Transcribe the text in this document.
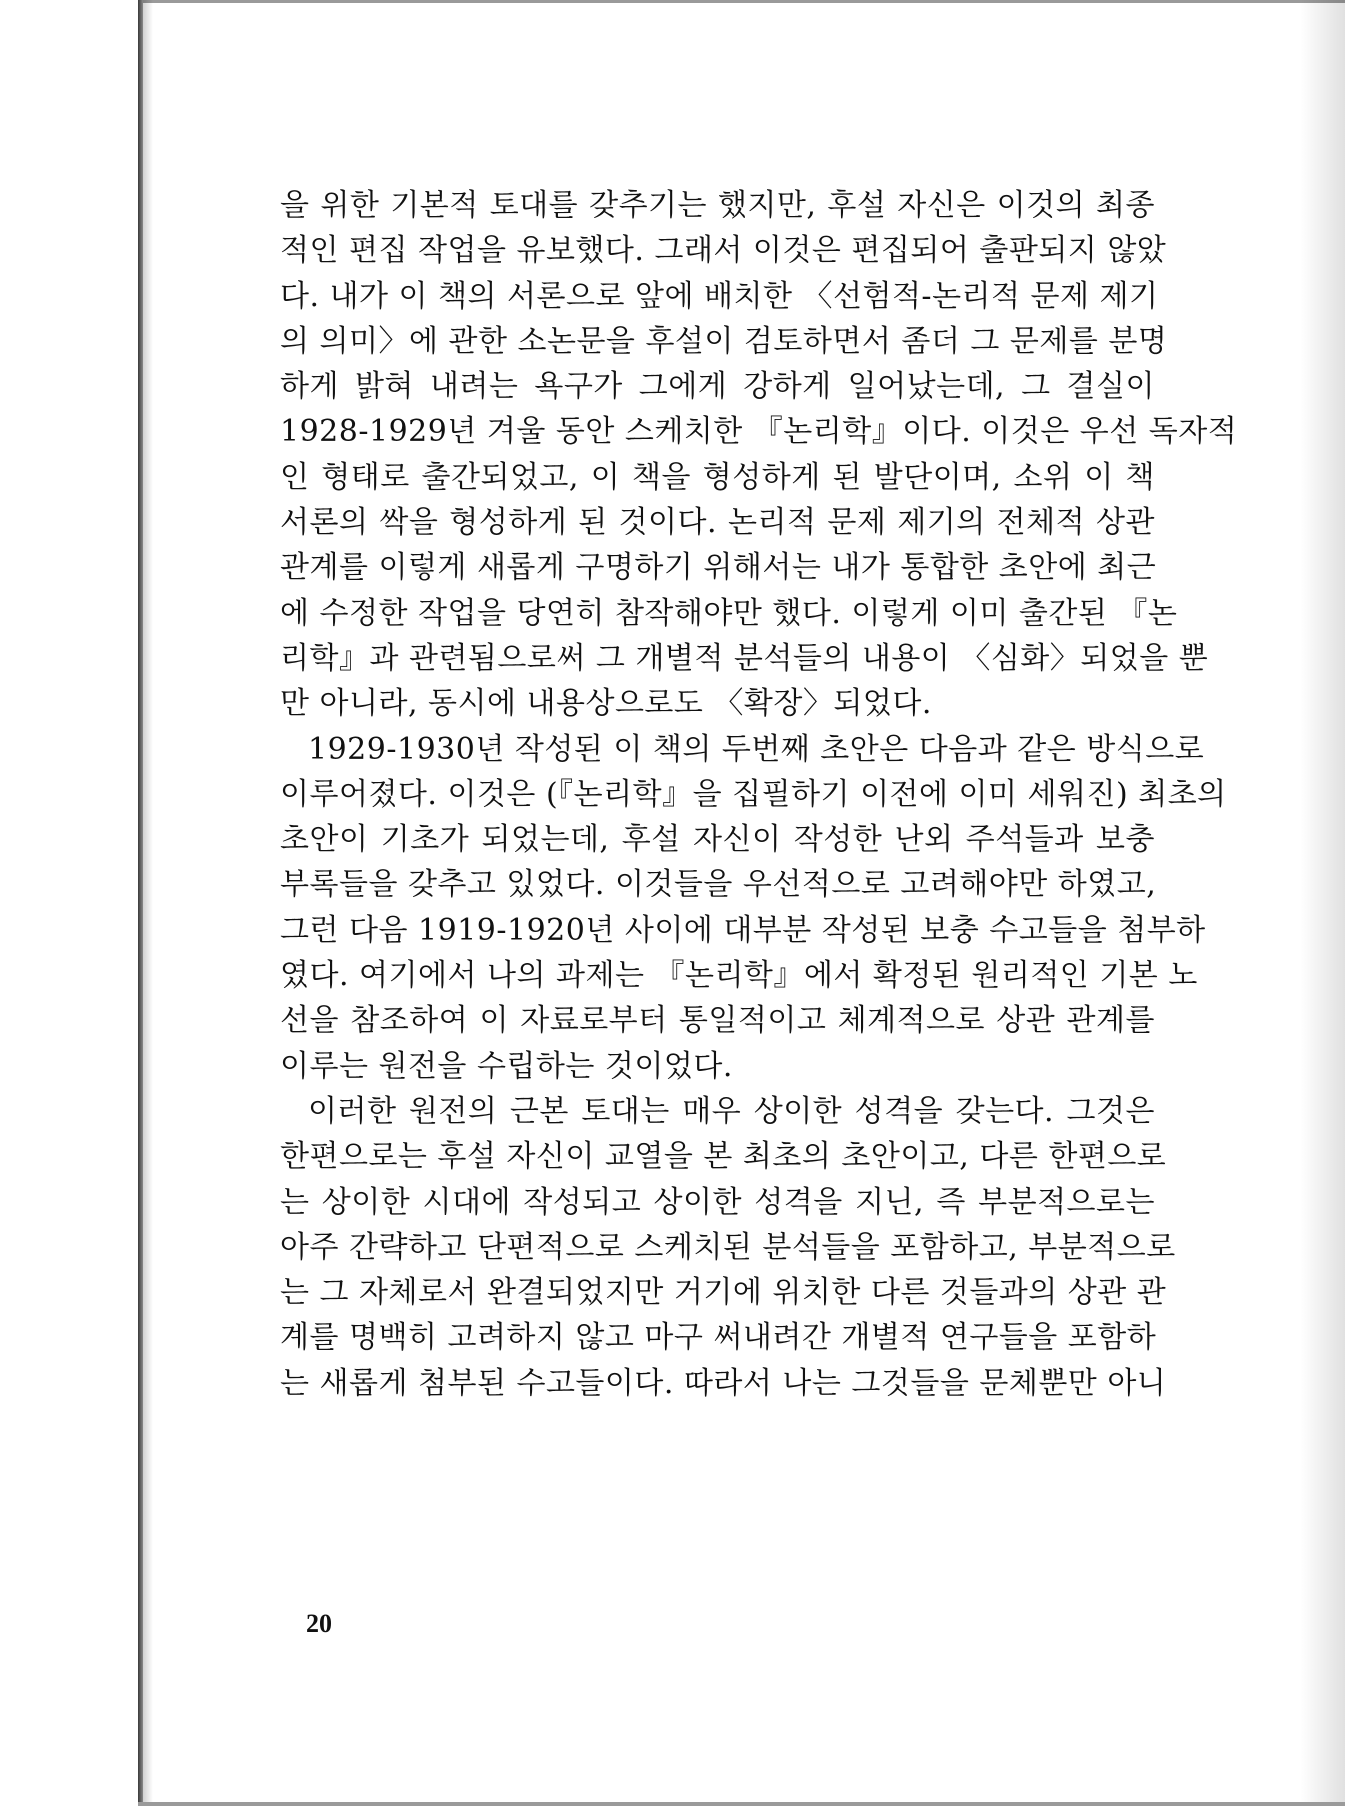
을 위한 기본적 토대를 갖추기는 했지만, 후설 자신은 이것의 최종
적인 편집 작업을 유보했다. 그래서 이것은 편집되어 출판되지 않았
다. 내가 이 책의 서론으로 앞에 배치한 〈선험적-논리적 문제 제기
의 의미〉에 관한 소논문을 후설이 검토하면서 좀더 그 문제를 분명
하게 밝혀 내려는 욕구가 그에게 강하게 일어났는데, 그 결실이
1928-1929년 겨울 동안 스케치한 『논리학』이다. 이것은 우선 독자적
인 형태로 출간되었고, 이 책을 형성하게 된 발단이며, 소위 이 책
서론의 싹을 형성하게 된 것이다. 논리적 문제 제기의 전체적 상관
관계를 이렇게 새롭게 구명하기 위해서는 내가 통합한 초안에 최근
에 수정한 작업을 당연히 참작해야만 했다. 이렇게 이미 출간된 『논
리학』과 관련됨으로써 그 개별적 분석들의 내용이 〈심화〉되었을 뿐
만 아니라, 동시에 내용상으로도 〈확장〉되었다.
1929-1930년 작성된 이 책의 두번째 초안은 다음과 같은 방식으로
이루어졌다. 이것은 (『논리학』을 집필하기 이전에 이미 세워진) 최초의
초안이 기초가 되었는데, 후설 자신이 작성한 난외 주석들과 보충
부록들을 갖추고 있었다. 이것들을 우선적으로 고려해야만 하였고,
그런 다음 1919-1920년 사이에 대부분 작성된 보충 수고들을 첨부하
였다. 여기에서 나의 과제는 『논리학』에서 확정된 원리적인 기본 노
선을 참조하여 이 자료로부터 통일적이고 체계적으로 상관 관계를
이루는 원전을 수립하는 것이었다.
이러한 원전의 근본 토대는 매우 상이한 성격을 갖는다. 그것은
한편으로는 후설 자신이 교열을 본 최초의 초안이고, 다른 한편으로
는 상이한 시대에 작성되고 상이한 성격을 지닌, 즉 부분적으로는
아주 간략하고 단편적으로 스케치된 분석들을 포함하고, 부분적으로
는 그 자체로서 완결되었지만 거기에 위치한 다른 것들과의 상관 관
계를 명백히 고려하지 않고 마구 써내려간 개별적 연구들을 포함하
는 새롭게 첨부된 수고들이다. 따라서 나는 그것들을 문체뿐만 아니
20
